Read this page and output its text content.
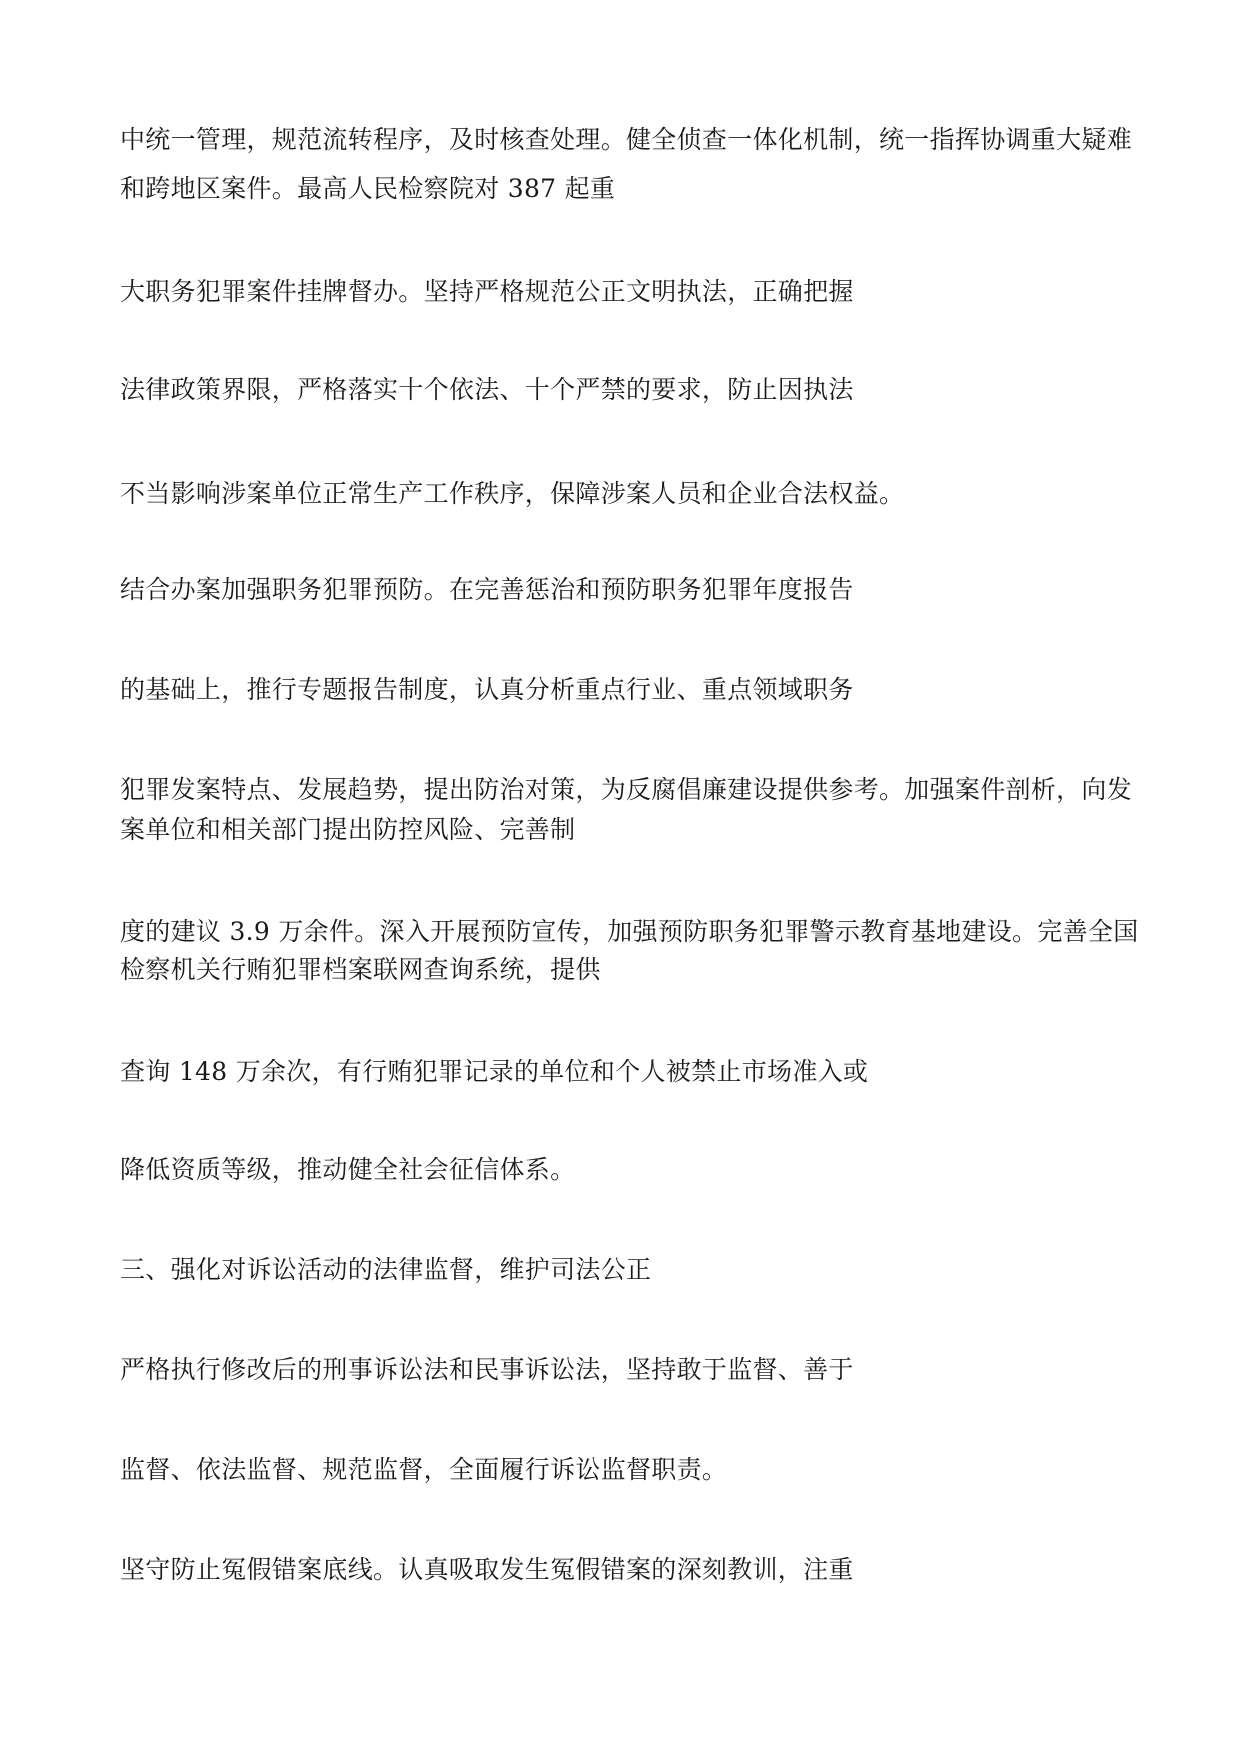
中统一管理，规范流转程序，及时核查处理。健全侦查一体化机制，统一指挥协调重大疑难

和跨地区案件。最高人民检察院对 387 起重

大职务犯罪案件挂牌督办。坚持严格规范公正文明执法，正确把握

法律政策界限，严格落实十个依法、十个严禁的要求，防止因执法

不当影响涉案单位正常生产工作秩序，保障涉案人员和企业合法权益。

结合办案加强职务犯罪预防。在完善惩治和预防职务犯罪年度报告

的基础上，推行专题报告制度，认真分析重点行业、重点领域职务

犯罪发案特点、发展趋势，提出防治对策，为反腐倡廉建设提供参考。加强案件剖析，向发

案单位和相关部门提出防控风险、完善制

度的建议 3.9 万余件。深入开展预防宣传，加强预防职务犯罪警示教育基地建设。完善全国

检察机关行贿犯罪档案联网查询系统，提供

查询 148 万余次，有行贿犯罪记录的单位和个人被禁止市场准入或

降低资质等级，推动健全社会征信体系。

三、强化对诉讼活动的法律监督，维护司法公正

严格执行修改后的刑事诉讼法和民事诉讼法，坚持敢于监督、善于

监督、依法监督、规范监督，全面履行诉讼监督职责。

坚守防止冤假错案底线。认真吸取发生冤假错案的深刻教训，注重
